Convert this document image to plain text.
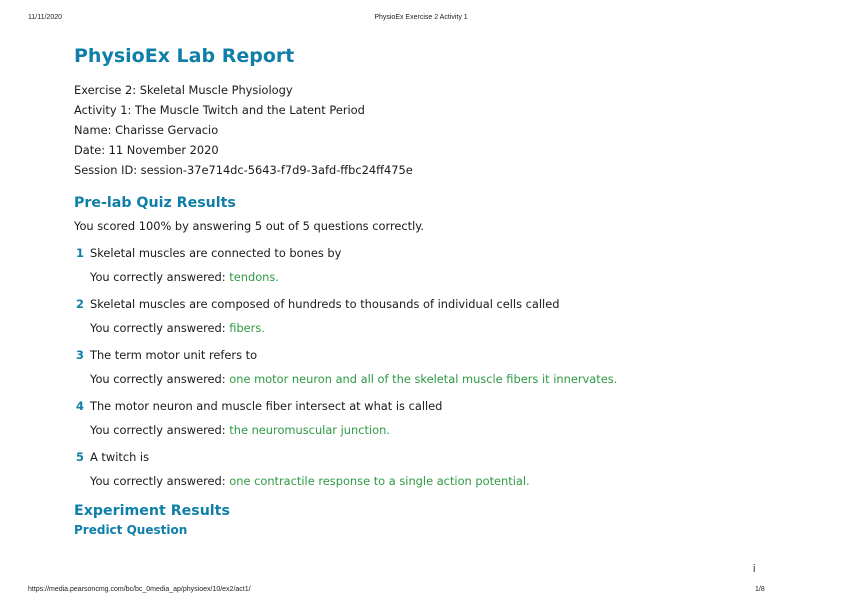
11/11/2020	PhysioEx Exercise 2 Activity 1
PhysioEx Lab Report
Exercise 2: Skeletal Muscle Physiology
Activity 1: The Muscle Twitch and the Latent Period
Name: Charisse Gervacio
Date: 11 November 2020
Session ID: session-37e714dc-5643-f7d9-3afd-ffbc24ff475e
Pre-lab Quiz Results
You scored 100% by answering 5 out of 5 questions correctly.
1 Skeletal muscles are connected to bones by
You correctly answered: tendons.
2 Skeletal muscles are composed of hundreds to thousands of individual cells called
You correctly answered: fibers.
3 The term motor unit refers to
You correctly answered: one motor neuron and all of the skeletal muscle fibers it innervates.
4 The motor neuron and muscle fiber intersect at what is called
You correctly answered: the neuromuscular junction.
5 A twitch is
You correctly answered: one contractile response to a single action potential.
Experiment Results
Predict Question
i
https://media.pearsoncmg.com/bc/bc_0media_ap/physioex/10/ex2/act1/	1/8
